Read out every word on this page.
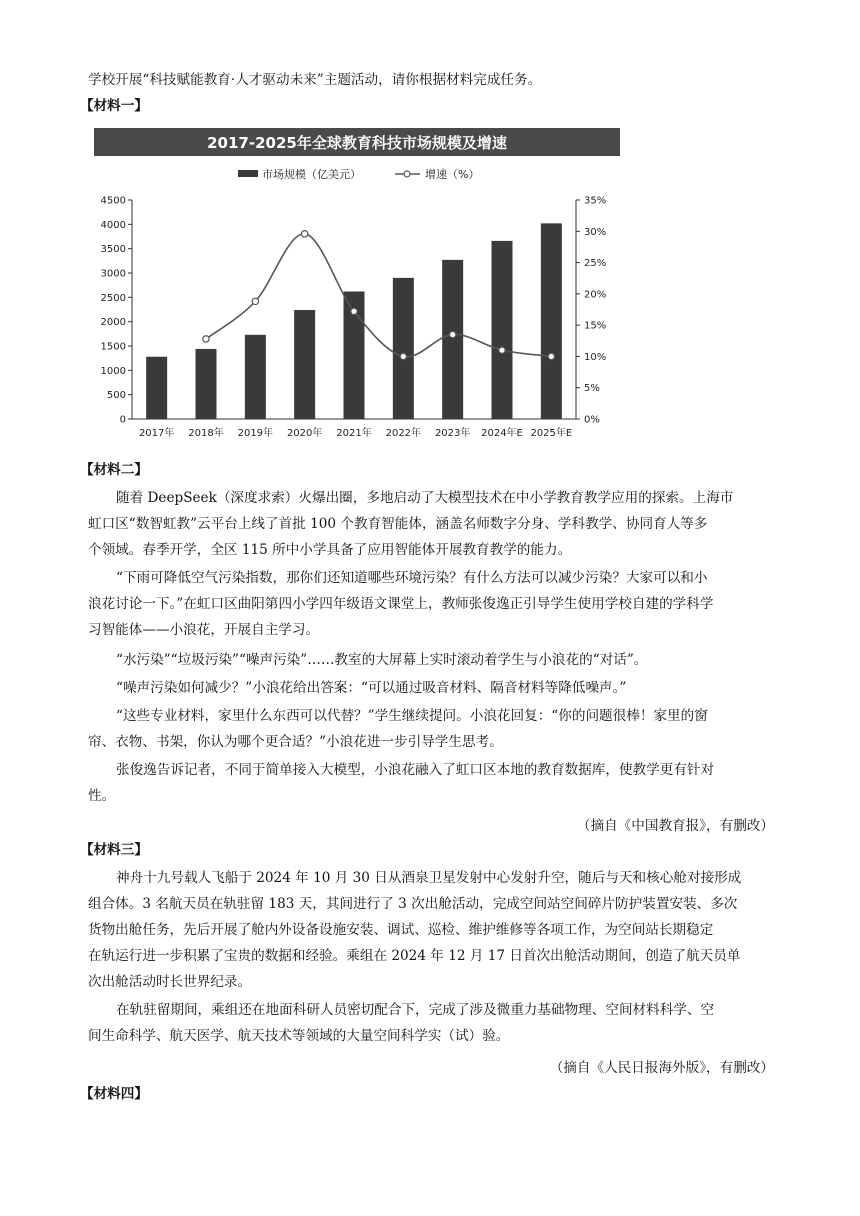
学校开展“科技赋能教育·人才驱动未来”主题活动，请你根据材料完成任务。
【材料一】
2017-2025年全球教育科技市场规模及增速
市场规模（亿美元）	增速（%）
0
500
1000
1500
2000
2500
3000
3500
4000
4500
0%
5%
10%
15%
20%
25%
30%
35%
2017年 2018年 2019年 2020年 2021年 2022年 2023年 2024年E 2025年E
【材料二】
随着 DeepSeek（深度求索）火爆出圈，多地启动了大模型技术在中小学教育教学应用的探索。上海市
虹口区“数智虹教”云平台上线了首批 100 个教育智能体，涵盖名师数字分身、学科教学、协同育人等多
个领域。春季开学，全区 115 所中小学具备了应用智能体开展教育教学的能力。
“下雨可降低空气污染指数，那你们还知道哪些环境污染？有什么方法可以减少污染？大家可以和小
浪花讨论一下。”在虹口区曲阳第四小学四年级语文课堂上，教师张俊逸正引导学生使用学校自建的学科学
习智能体——小浪花，开展自主学习。
“水污染”“垃圾污染”“噪声污染”……教室的大屏幕上实时滚动着学生与小浪花的“对话”。
“噪声污染如何减少？”小浪花给出答案：“可以通过吸音材料、隔音材料等降低噪声。”
“这些专业材料，家里什么东西可以代替？”学生继续提问。小浪花回复：“你的问题很棒！家里的窗
帘、衣物、书架，你认为哪个更合适？”小浪花进一步引导学生思考。
张俊逸告诉记者，不同于简单接入大模型，小浪花融入了虹口区本地的教育数据库，使教学更有针对
性。
（摘自《中国教育报》，有删改）
【材料三】
神舟十九号载人飞船于 2024 年 10 月 30 日从酒泉卫星发射中心发射升空，随后与天和核心舱对接形成
组合体。3 名航天员在轨驻留 183 天，其间进行了 3 次出舱活动，完成空间站空间碎片防护装置安装、多次
货物出舱任务，先后开展了舱内外设备设施安装、调试、巡检、维护维修等各项工作，为空间站长期稳定
在轨运行进一步积累了宝贵的数据和经验。乘组在 2024 年 12 月 17 日首次出舱活动期间，创造了航天员单
次出舱活动时长世界纪录。
在轨驻留期间，乘组还在地面科研人员密切配合下，完成了涉及微重力基础物理、空间材料科学、空
间生命科学、航天医学、航天技术等领域的大量空间科学实（试）验。
（摘自《人民日报海外版》，有删改）
【材料四】
